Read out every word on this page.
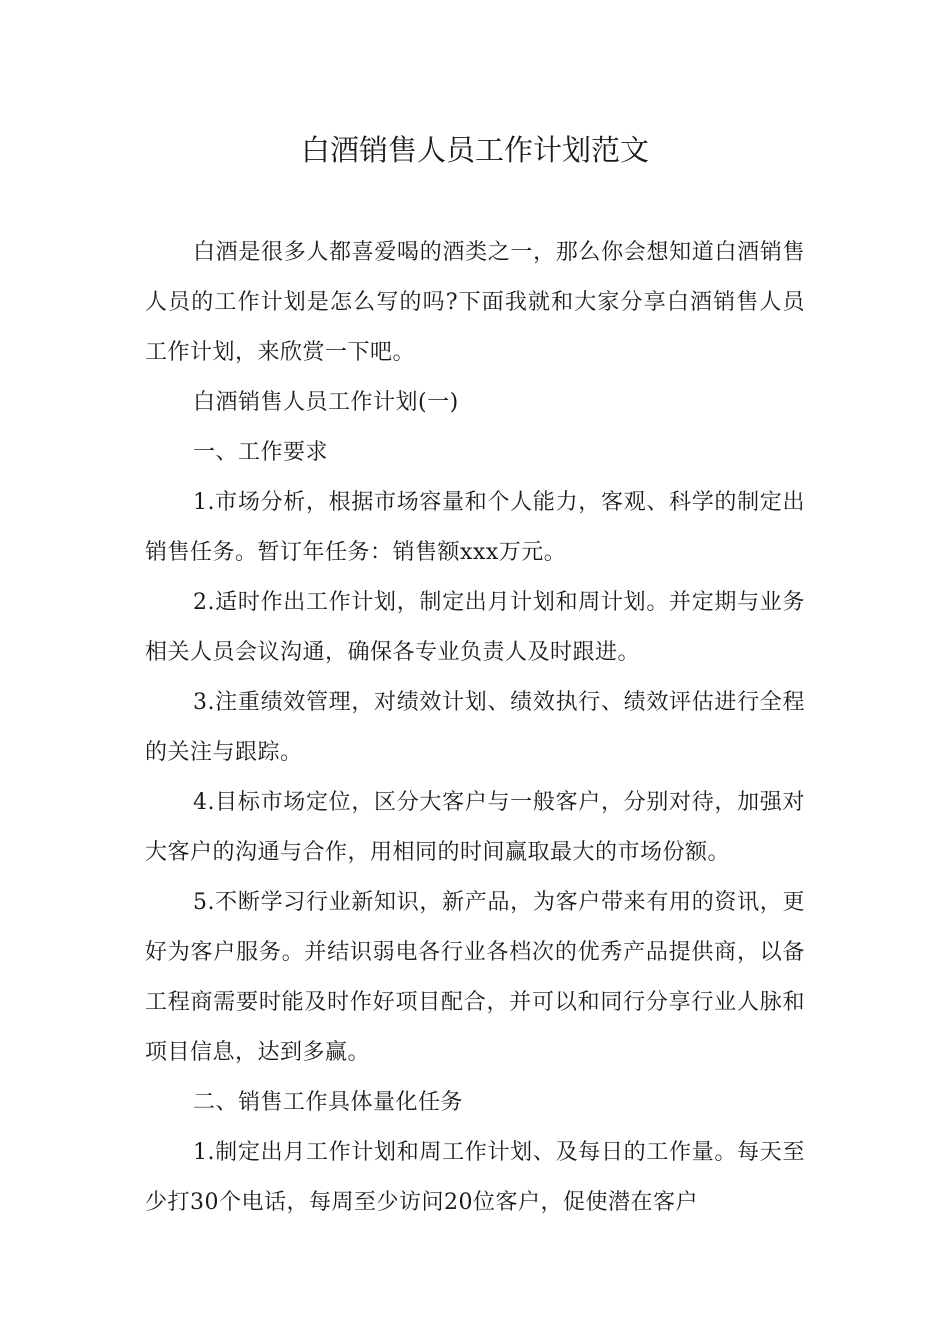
白酒销售人员工作计划范文

白酒是很多人都喜爱喝的酒类之一，那么你会想知道白酒销售人员的工作计划是怎么写的吗?下面我就和大家分享白酒销售人员工作计划，来欣赏一下吧。

白酒销售人员工作计划(一)

一、工作要求

1.市场分析，根据市场容量和个人能力，客观、科学的制定出销售任务。暂订年任务：销售额xxx万元。

2.适时作出工作计划，制定出月计划和周计划。并定期与业务相关人员会议沟通，确保各专业负责人及时跟进。

3.注重绩效管理，对绩效计划、绩效执行、绩效评估进行全程的关注与跟踪。

4.目标市场定位，区分大客户与一般客户，分别对待，加强对大客户的沟通与合作，用相同的时间赢取最大的市场份额。

5.不断学习行业新知识，新产品，为客户带来有用的资讯，更好为客户服务。并结识弱电各行业各档次的优秀产品提供商，以备工程商需要时能及时作好项目配合，并可以和同行分享行业人脉和项目信息，达到多赢。

二、销售工作具体量化任务

1.制定出月工作计划和周工作计划、及每日的工作量。每天至少打30个电话，每周至少访问20位客户，促使潜在客户
